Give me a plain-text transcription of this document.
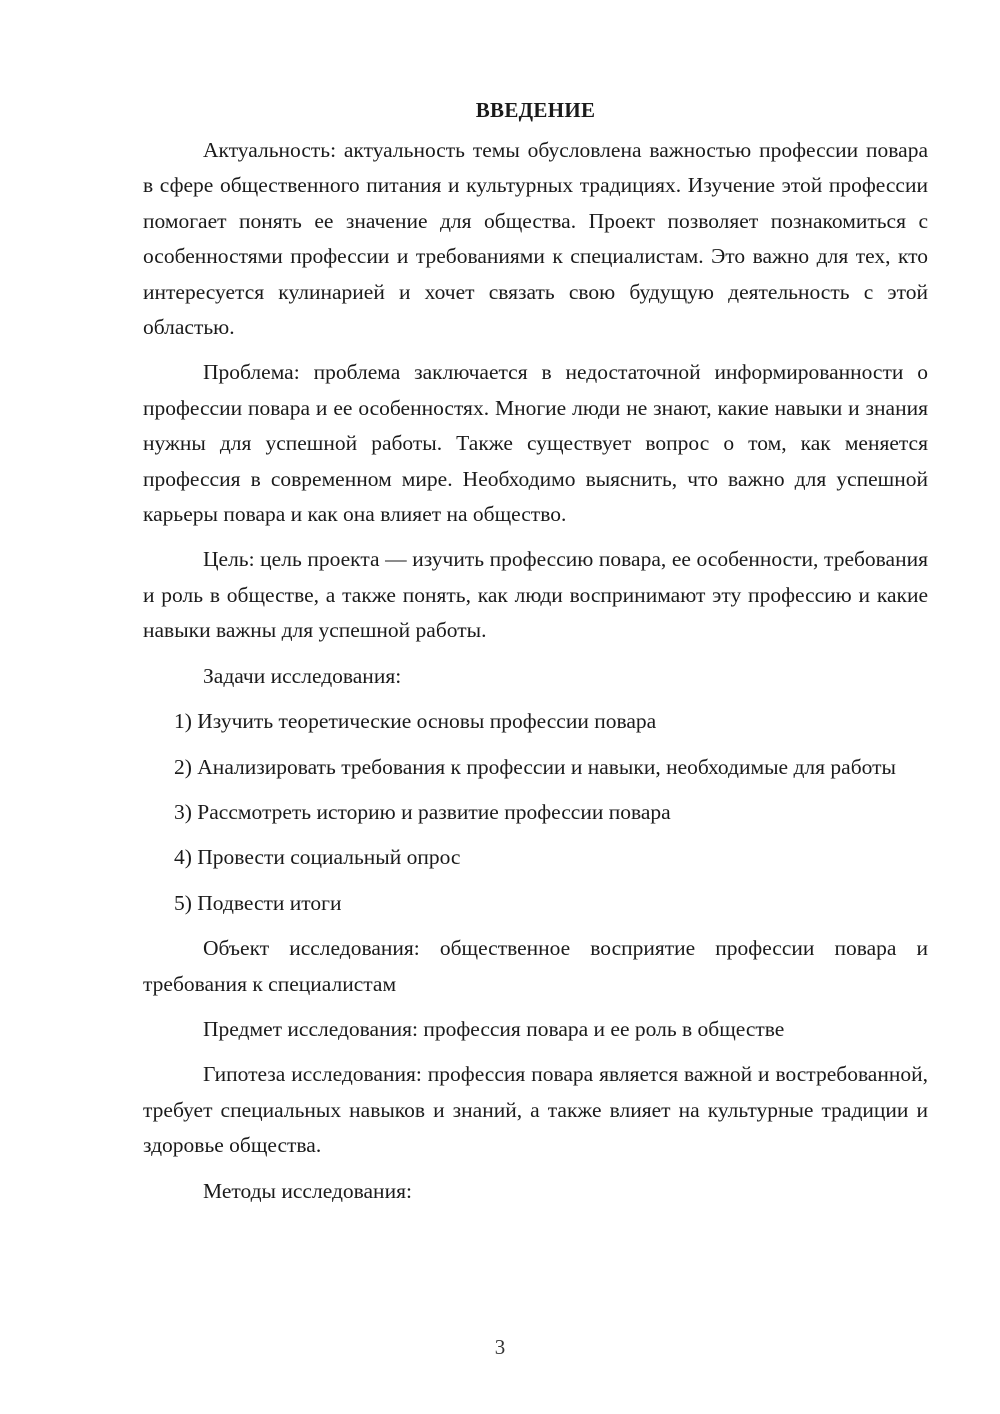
ВВЕДЕНИЕ

Актуальность: актуальность темы обусловлена важностью профессии повара в сфере общественного питания и культурных традициях. Изучение этой профессии помогает понять ее значение для общества. Проект позволяет познакомиться с особенностями профессии и требованиями к специалистам. Это важно для тех, кто интересуется кулинарией и хочет связать свою будущую деятельность с этой областью.

Проблема: проблема заключается в недостаточной информированности о профессии повара и ее особенностях. Многие люди не знают, какие навыки и знания нужны для успешной работы. Также существует вопрос о том, как меняется профессия в современном мире. Необходимо выяснить, что важно для успешной карьеры повара и как она влияет на общество.

Цель: цель проекта — изучить профессию повара, ее особенности, требования и роль в обществе, а также понять, как люди воспринимают эту профессию и какие навыки важны для успешной работы.

Задачи исследования:

1) Изучить теоретические основы профессии повара

2) Анализировать требования к профессии и навыки, необходимые для работы

3) Рассмотреть историю и развитие профессии повара

4) Провести социальный опрос

5) Подвести итоги

Объект исследования: общественное восприятие профессии повара и требования к специалистам

Предмет исследования: профессия повара и ее роль в обществе

Гипотеза исследования: профессия повара является важной и востребованной, требует специальных навыков и знаний, а также влияет на культурные традиции и здоровье общества.

Методы исследования:

3
